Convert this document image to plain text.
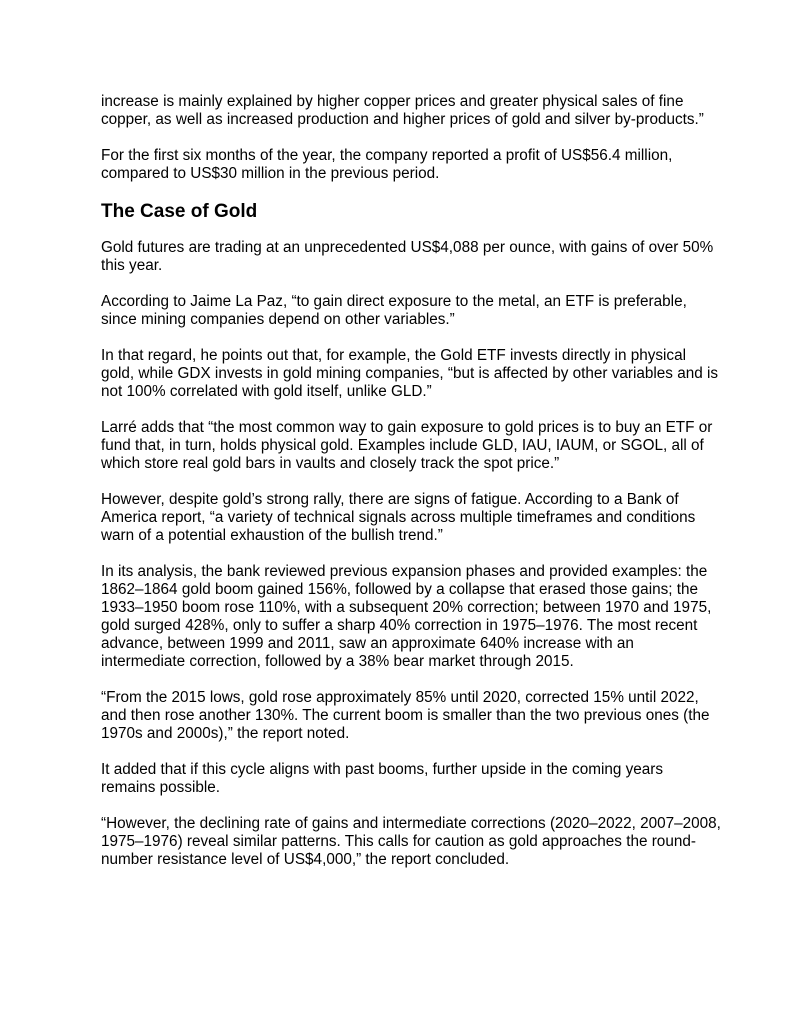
increase is mainly explained by higher copper prices and greater physical sales of fine copper, as well as increased production and higher prices of gold and silver by-products.”

For the first six months of the year, the company reported a profit of US$56.4 million, compared to US$30 million in the previous period.

The Case of Gold

Gold futures are trading at an unprecedented US$4,088 per ounce, with gains of over 50% this year.

According to Jaime La Paz, “to gain direct exposure to the metal, an ETF is preferable, since mining companies depend on other variables.”

In that regard, he points out that, for example, the Gold ETF invests directly in physical gold, while GDX invests in gold mining companies, “but is affected by other variables and is not 100% correlated with gold itself, unlike GLD.”

Larré adds that “the most common way to gain exposure to gold prices is to buy an ETF or fund that, in turn, holds physical gold. Examples include GLD, IAU, IAUM, or SGOL, all of which store real gold bars in vaults and closely track the spot price.”

However, despite gold’s strong rally, there are signs of fatigue. According to a Bank of America report, “a variety of technical signals across multiple timeframes and conditions warn of a potential exhaustion of the bullish trend.”

In its analysis, the bank reviewed previous expansion phases and provided examples: the 1862–1864 gold boom gained 156%, followed by a collapse that erased those gains; the 1933–1950 boom rose 110%, with a subsequent 20% correction; between 1970 and 1975, gold surged 428%, only to suffer a sharp 40% correction in 1975–1976. The most recent advance, between 1999 and 2011, saw an approximate 640% increase with an intermediate correction, followed by a 38% bear market through 2015.

“From the 2015 lows, gold rose approximately 85% until 2020, corrected 15% until 2022, and then rose another 130%. The current boom is smaller than the two previous ones (the 1970s and 2000s),” the report noted.

It added that if this cycle aligns with past booms, further upside in the coming years remains possible.

“However, the declining rate of gains and intermediate corrections (2020–2022, 2007–2008, 1975–1976) reveal similar patterns. This calls for caution as gold approaches the round-number resistance level of US$4,000,” the report concluded.
